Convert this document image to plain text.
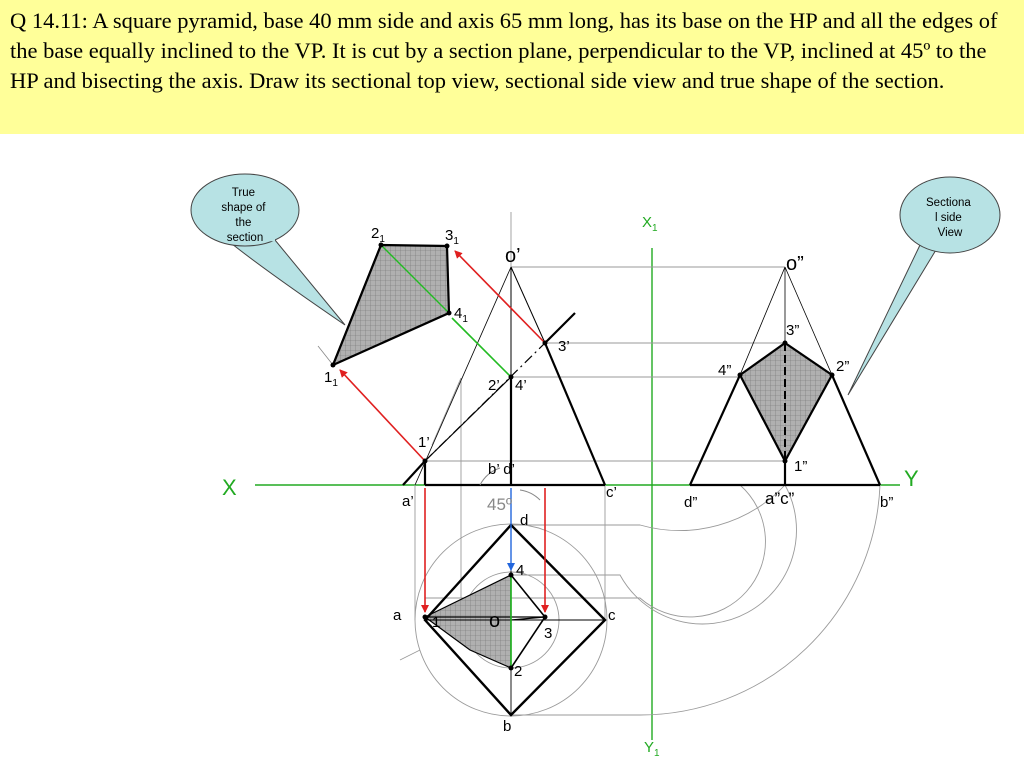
Q 14.11: A square pyramid, base 40 mm side and axis 65 mm long, has its base on the HP and all the edges of the base equally inclined to the VP. It is cut by a section plane, perpendicular to the VP, inclined at 45º to the HP and bisecting the axis. Draw its sectional top view, sectional side view and true shape of the section.

True shape of the section
Sectiona l side View
X	Y
$X_1$
$Y_1$
o’
a’
b’ d’
c’
1’
2’ 4’
3’
45º
a
b
c
d
o
1
2
3
4
o”
d”	a”c”	b”
1”
2”
3”
4”
$1_1$
$2_1$	$3_1$
$4_1$
